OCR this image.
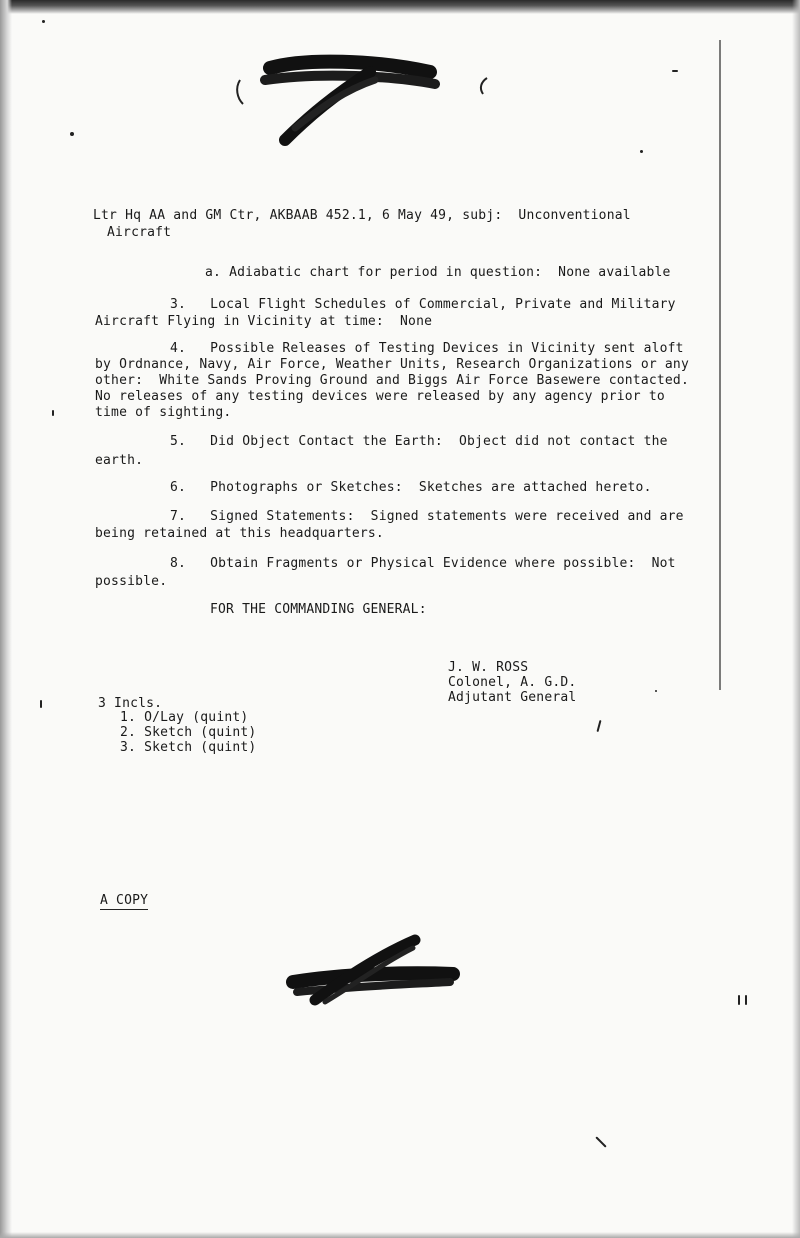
Ltr Hq AA and GM Ctr, AKBAAB 452.1, 6 May 49, subj:  Unconventional

Aircraft

a. Adiabatic chart for period in question:  None available

3.   Local Flight Schedules of Commercial, Private and Military

Aircraft Flying in Vicinity at time:  None

4.   Possible Releases of Testing Devices in Vicinity sent aloft

by Ordnance, Navy, Air Force, Weather Units, Research Organizations or any

other:  White Sands Proving Ground and Biggs Air Force Basewere contacted.

No releases of any testing devices were released by any agency prior to

time of sighting.

5.   Did Object Contact the Earth:  Object did not contact the

earth.

6.   Photographs or Sketches:  Sketches are attached hereto.

7.   Signed Statements:  Signed statements were received and are

being retained at this headquarters.

8.   Obtain Fragments or Physical Evidence where possible:  Not

possible.

FOR THE COMMANDING GENERAL:

J. W. ROSS

Colonel, A. G.D.

Adjutant General

3 Incls.

1. O/Lay (quint)

2. Sketch (quint)

3. Sketch (quint)

A COPY
